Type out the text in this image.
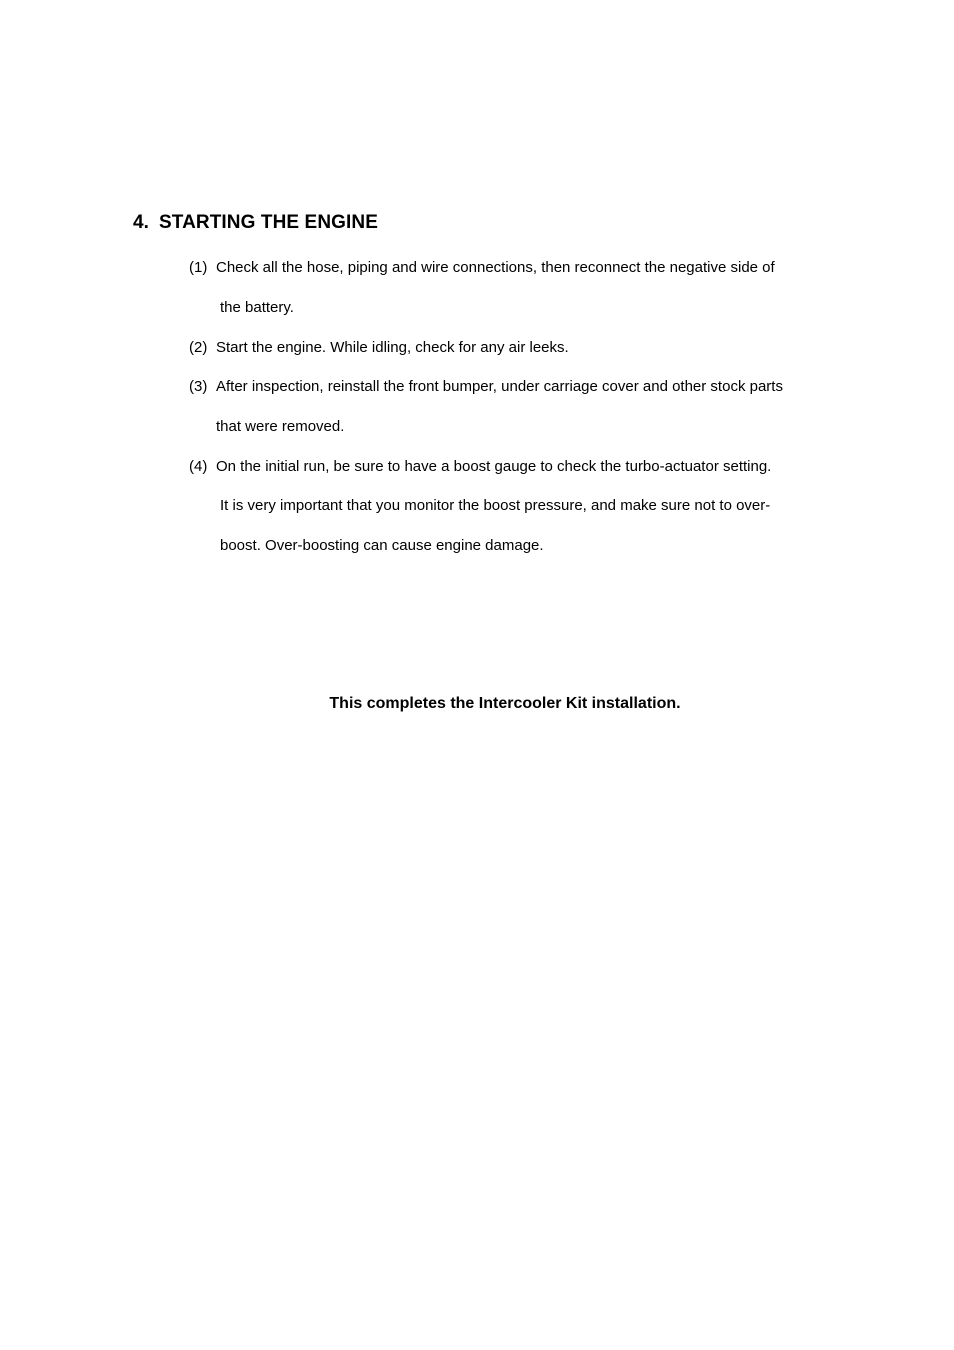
4. STARTING THE ENGINE
(1) Check all the hose, piping and wire connections, then reconnect the negative side of
the battery.
(2) Start the engine. While idling, check for any air leeks.
(3) After inspection, reinstall the front bumper, under carriage cover and other stock parts
that were removed.
(4) On the initial run, be sure to have a boost gauge to check the turbo-actuator setting.
It is very important that you monitor the boost pressure, and make sure not to over-
boost. Over-boosting can cause engine damage.
This completes the Intercooler Kit installation.
